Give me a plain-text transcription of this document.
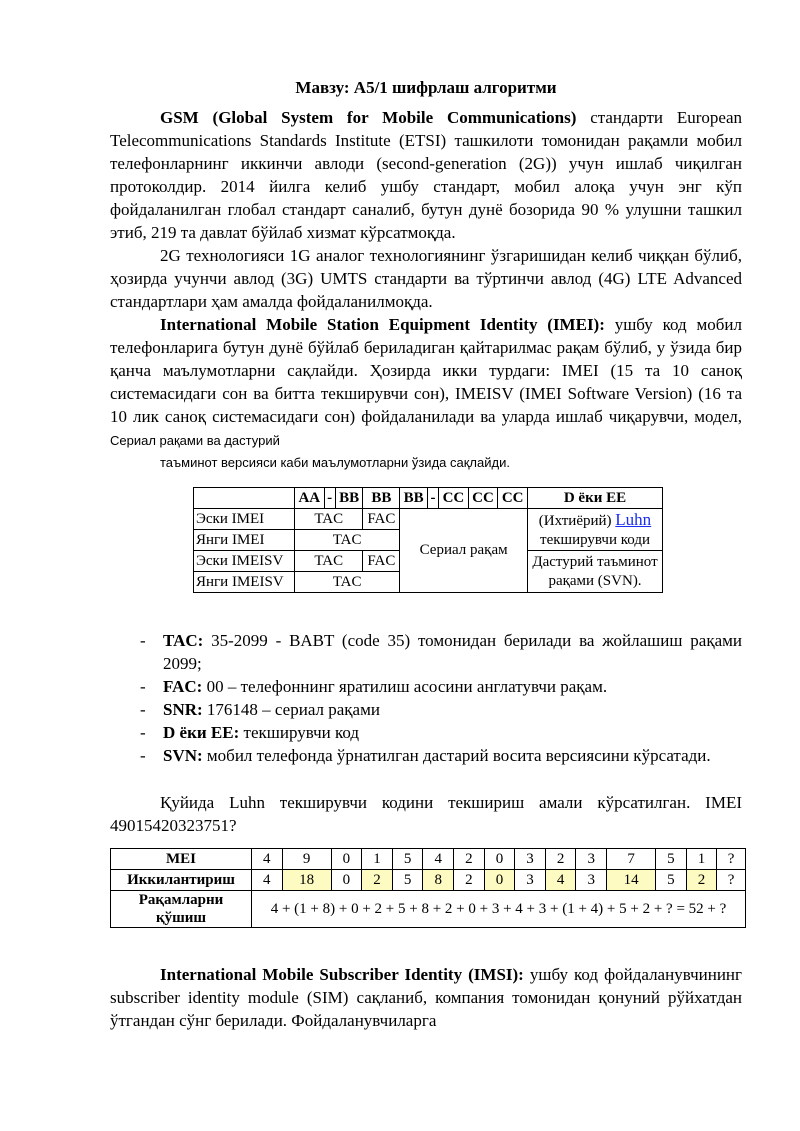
Мавзу: A5/1 шифрлаш алгоритми

GSM (Global System for Mobile Communications) стандарти European Telecommunications Standards Institute (ETSI) ташкилоти томонидан рақамли мобил телефонларнинг иккинчи авлоди (second-generation (2G)) учун ишлаб чиқилган протоколдир. 2014 йилга келиб ушбу стандарт, мобил алоқа учун энг кўп фойдаланилган глобал стандарт саналиб, бутун дунё бозорида 90 % улушни ташкил этиб, 219 та давлат бўйлаб хизмат кўрсатмоқда.

2G технологияси 1G аналог технологиянинг ўзгаришидан келиб чиққан бўлиб, ҳозирда учунчи авлод (3G) UMTS стандарти ва тўртинчи авлод (4G) LTE Advanced стандартлари ҳам амалда фойдаланилмоқда.

International Mobile Station Equipment Identity (IMEI): ушбу код мобил телефонларига бутун дунё бўйлаб бериладиган қайтарилмас рақам бўлиб, у ўзида бир қанча маълумотларни сақлайди. Ҳозирда икки турдаги: IMEI (15 та 10 саноқ системасидаги сон ва битта текширувчи сон), IMEISV (IMEI Software Version) (16 та 10 лик саноқ системасидаги сон) фойдаланилади ва уларда ишлаб чиқарувчи, модел, Сериал рақами ва дастурий
таъминот версияси каби маълумотларни ўзида сақлайди.

	AA	-	BB	BB	BB	-	CC	CC	CC	D ёки EE
Эски IMEI	TAC			FAC	Сериал рақам					(Ихтиёрий) Luhn
текширувчи коди
Янги IMEI	TAC									
Эски IMEISV	TAC			FAC						Дастурий таъминот рақами (SVN).
Янги IMEISV	TAC									
- TAC: 35-2099 - BABT (code 35) томонидан берилади ва жойлашиш рақами 2099;
- FAC: 00 – телефоннинг яратилиш асосини англатувчи рақам.
- SNR: 176148 – сериал рақами
- D ёки EE: текширувчи код
- SVN: мобил телефонда ўрнатилган дастарий восита версиясини кўрсатади.

Қуйида Luhn текширувчи кодини текшириш амали кўрсатилган. IMEI 49015420323751?

MEI	4	9	0	1	5	4	2	0	3	2	3	7	5	1	?
Иккилантириш	4	18	0	2	5	8	2	0	3	4	3	14	5	2	?
Рақамларни қўшиш	4 + (1 + 8) + 0 + 2 + 5 + 8 + 2 + 0 + 3 + 4 + 3 + (1 + 4) + 5 + 2 + ? = 52 + ?														

International Mobile Subscriber Identity (IMSI): ушбу код фойдаланувчининг subscriber identity module (SIM) сақланиб, компания томонидан қонуний рўйхатдан ўтгандан сўнг берилади. Фойдаланувчиларга
